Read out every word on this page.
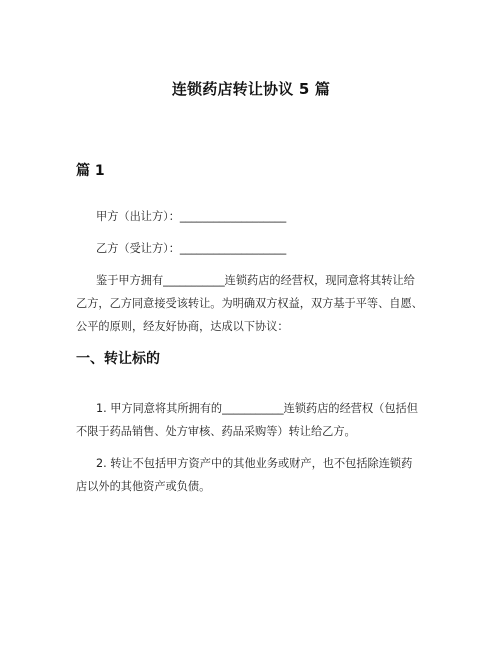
连锁药店转让协议 5 篇
篇 1
甲方（出让方）：___________________
乙方（受让方）：___________________
鉴于甲方拥有___________连锁药店的经营权，现同意将其转让给
乙方，乙方同意接受该转让。为明确双方权益，双方基于平等、自愿、
公平的原则，经友好协商，达成以下协议：
一、转让标的
1. 甲方同意将其所拥有的___________连锁药店的经营权（包括但
不限于药品销售、处方审核、药品采购等）转让给乙方。
2. 转让不包括甲方资产中的其他业务或财产，也不包括除连锁药
店以外的其他资产或负债。
